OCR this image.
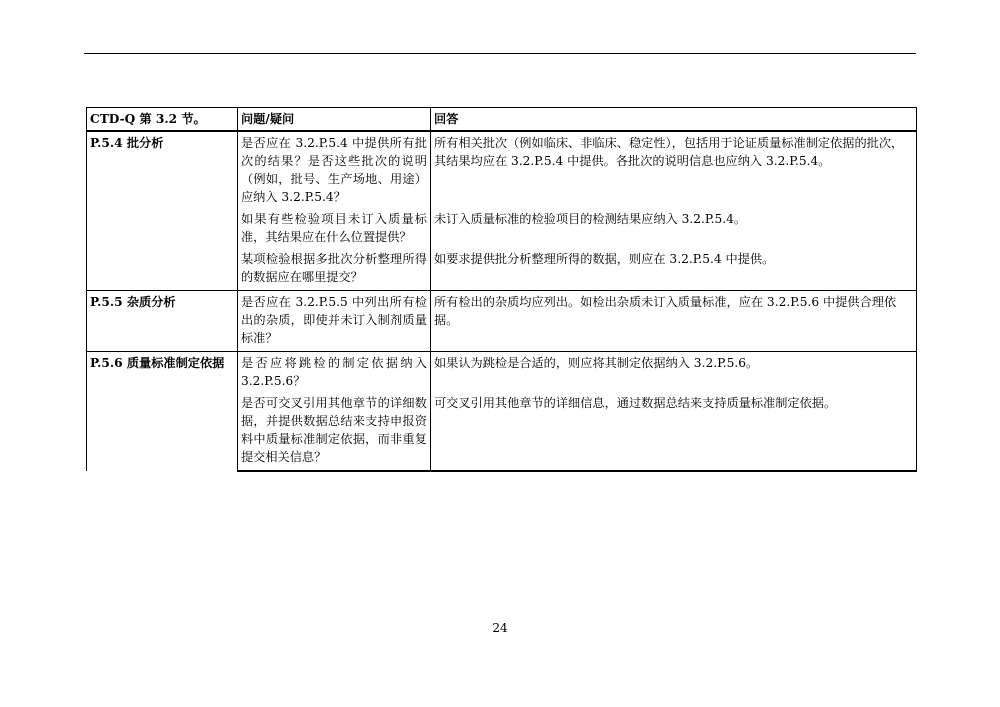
CTD-Q 第 3.2 节。	问题/疑问	回答
P.5.4 批分析	是否应在 3.2.P.5.4 中提供所有批次的结果？是否这些批次的说明（例如，批号、生产场地、用途）应纳入 3.2.P.5.4？	所有相关批次（例如临床、非临床、稳定性），包括用于论证质量标准制定依据的批次，其结果均应在 3.2.P.5.4 中提供。各批次的说明信息也应纳入 3.2.P.5.4。
	如果有些检验项目未订入质量标准，其结果应在什么位置提供？	未订入质量标准的检验项目的检测结果应纳入 3.2.P.5.4。
	某项检验根据多批次分析整理所得的数据应在哪里提交？	如要求提供批分析整理所得的数据，则应在 3.2.P.5.4 中提供。
P.5.5 杂质分析	是否应在 3.2.P.5.5 中列出所有检出的杂质，即使并未订入制剂质量标准？	所有检出的杂质均应列出。如检出杂质未订入质量标准，应在 3.2.P.5.6 中提供合理依据。
P.5.6 质量标准制定依据	是否应将跳检的制定依据纳入 3.2.P.5.6？	如果认为跳检是合适的，则应将其制定依据纳入 3.2.P.5.6。
	是否可交叉引用其他章节的详细数据，并提供数据总结来支持申报资料中质量标准制定依据，而非重复提交相关信息？	可交叉引用其他章节的详细信息，通过数据总结来支持质量标准制定依据。
24
